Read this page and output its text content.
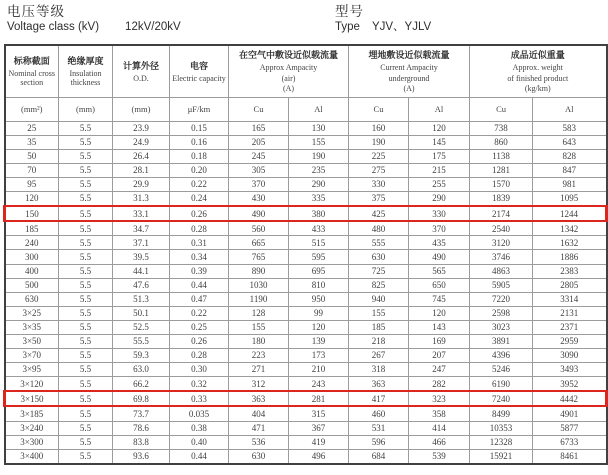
电压等级
Voltage class (kV) 12kV/20kV
型号
Type YJV、YJLV
标称截面
Nominal cross section

绝缘厚度
Insulation thickness

计算外径
O.D.

电容
Electric capacity

在空气中敷设近似载流量
Approx Ampacity
(air)
(A)

埋地敷设近似载流量
Current Ampacity
underground
(A)

成品近似重量
Approx. weight
of finished product
(kg/km)

(mm²)	(mm)	(mm)	μF/km	Cu	Al	Cu	Al	Cu	Al
25	5.5	23.9	0.15	165	130	160	120	738	583
35	5.5	24.9	0.16	205	155	190	145	860	643
50	5.5	26.4	0.18	245	190	225	175	1138	828
70	5.5	28.1	0.20	305	235	275	215	1281	847
95	5.5	29.9	0.22	370	290	330	255	1570	981
120	5.5	31.3	0.24	430	335	375	290	1839	1095
150	5.5	33.1	0.26	490	380	425	330	2174	1244
185	5.5	34.7	0.28	560	433	480	370	2540	1342
240	5.5	37.1	0.31	665	515	555	435	3120	1632
300	5.5	39.5	0.34	765	595	630	490	3746	1886
400	5.5	44.1	0.39	890	695	725	565	4863	2383
500	5.5	47.6	0.44	1030	810	825	650	5905	2805
630	5.5	51.3	0.47	1190	950	940	745	7220	3314
3×25	5.5	50.1	0.22	128	99	155	120	2598	2131
3×35	5.5	52.5	0.25	155	120	185	143	3023	2371
3×50	5.5	55.5	0.26	180	139	218	169	3891	2959
3×70	5.5	59.3	0.28	223	173	267	207	4396	3090
3×95	5.5	63.0	0.30	271	210	318	247	5246	3493
3×120	5.5	66.2	0.32	312	243	363	282	6190	3952
3×150	5.5	69.8	0.33	363	281	417	323	7240	4442
3×185	5.5	73.7	0.035	404	315	460	358	8499	4901
3×240	5.5	78.6	0.38	471	367	531	414	10353	5877
3×300	5.5	83.8	0.40	536	419	596	466	12328	6733
3×400	5.5	93.6	0.44	630	496	684	539	15921	8461
